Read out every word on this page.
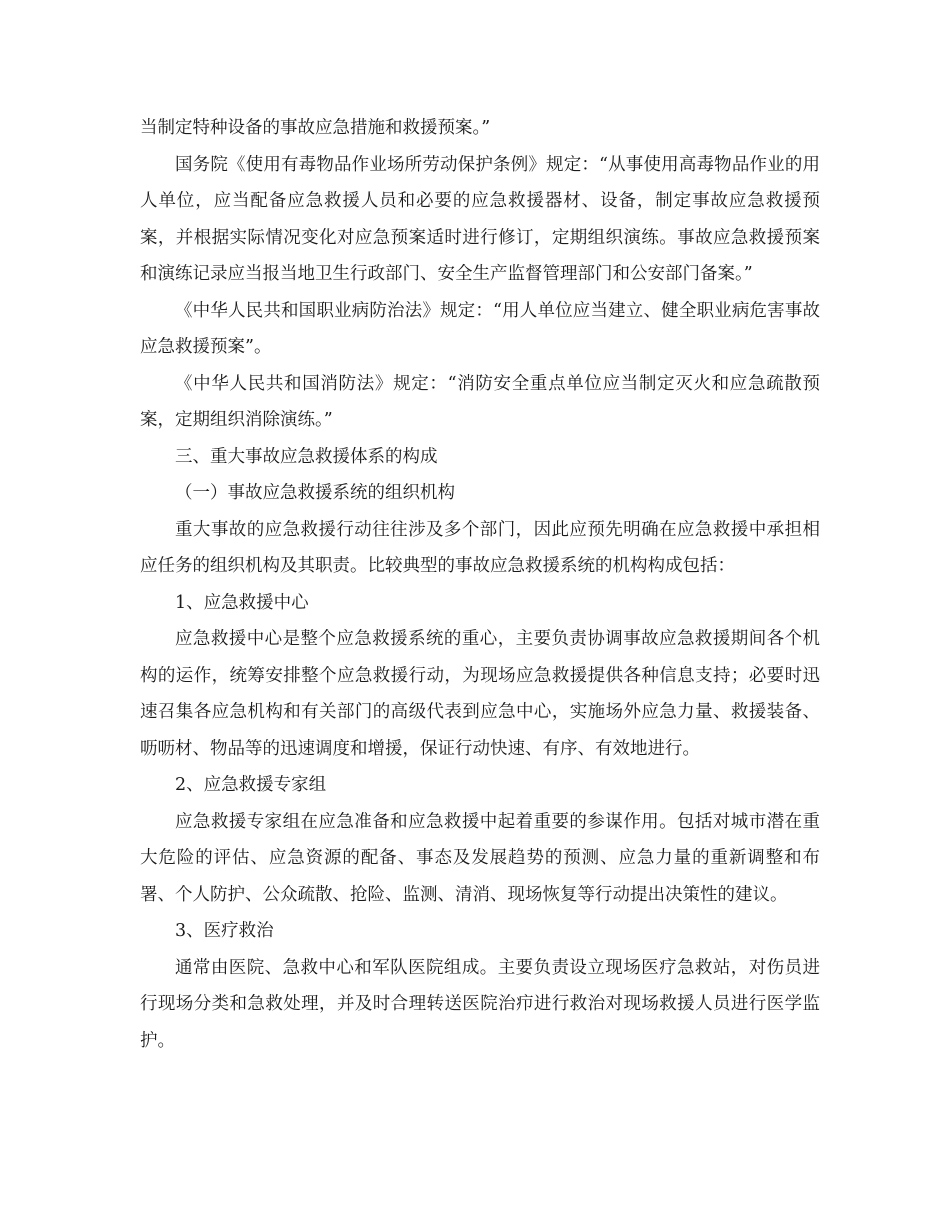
当制定特种设备的事故应急措施和救援预案。”

国务院《使用有毒物品作业场所劳动保护条例》规定：“从事使用高毒物品作业的用人单位，应当配备应急救援人员和必要的应急救援器材、设备，制定事故应急救援预案，并根据实际情况变化对应急预案适时进行修订，定期组织演练。事故应急救援预案和演练记录应当报当地卫生行政部门、安全生产监督管理部门和公安部门备案。”

《中华人民共和国职业病防治法》规定：“用人单位应当建立、健全职业病危害事故应急救援预案”。

《中华人民共和国消防法》规定：“消防安全重点单位应当制定灭火和应急疏散预案，定期组织消除演练。”

三、重大事故应急救援体系的构成

（一）事故应急救援系统的组织机构

重大事故的应急救援行动往往涉及多个部门，因此应预先明确在应急救援中承担相应任务的组织机构及其职责。比较典型的事故应急救援系统的机构构成包括：

1、应急救援中心

应急救援中心是整个应急救援系统的重心，主要负责协调事故应急救援期间各个机构的运作，统筹安排整个应急救援行动，为现场应急救援提供各种信息支持；必要时迅速召集各应急机构和有关部门的高级代表到应急中心，实施场外应急力量、救援装备、呖呖材、物品等的迅速调度和增援，保证行动快速、有序、有效地进行。

2、应急救援专家组

应急救援专家组在应急准备和应急救援中起着重要的参谋作用。包括对城市潜在重大危险的评估、应急资源的配备、事态及发展趋势的预测、应急力量的重新调整和布署、个人防护、公众疏散、抢险、监测、清消、现场恢复等行动提出决策性的建议。

3、医疗救治

通常由医院、急救中心和军队医院组成。主要负责设立现场医疗急救站，对伤员进行现场分类和急救处理，并及时合理转送医院治疖进行救治对现场救援人员进行医学监护。
